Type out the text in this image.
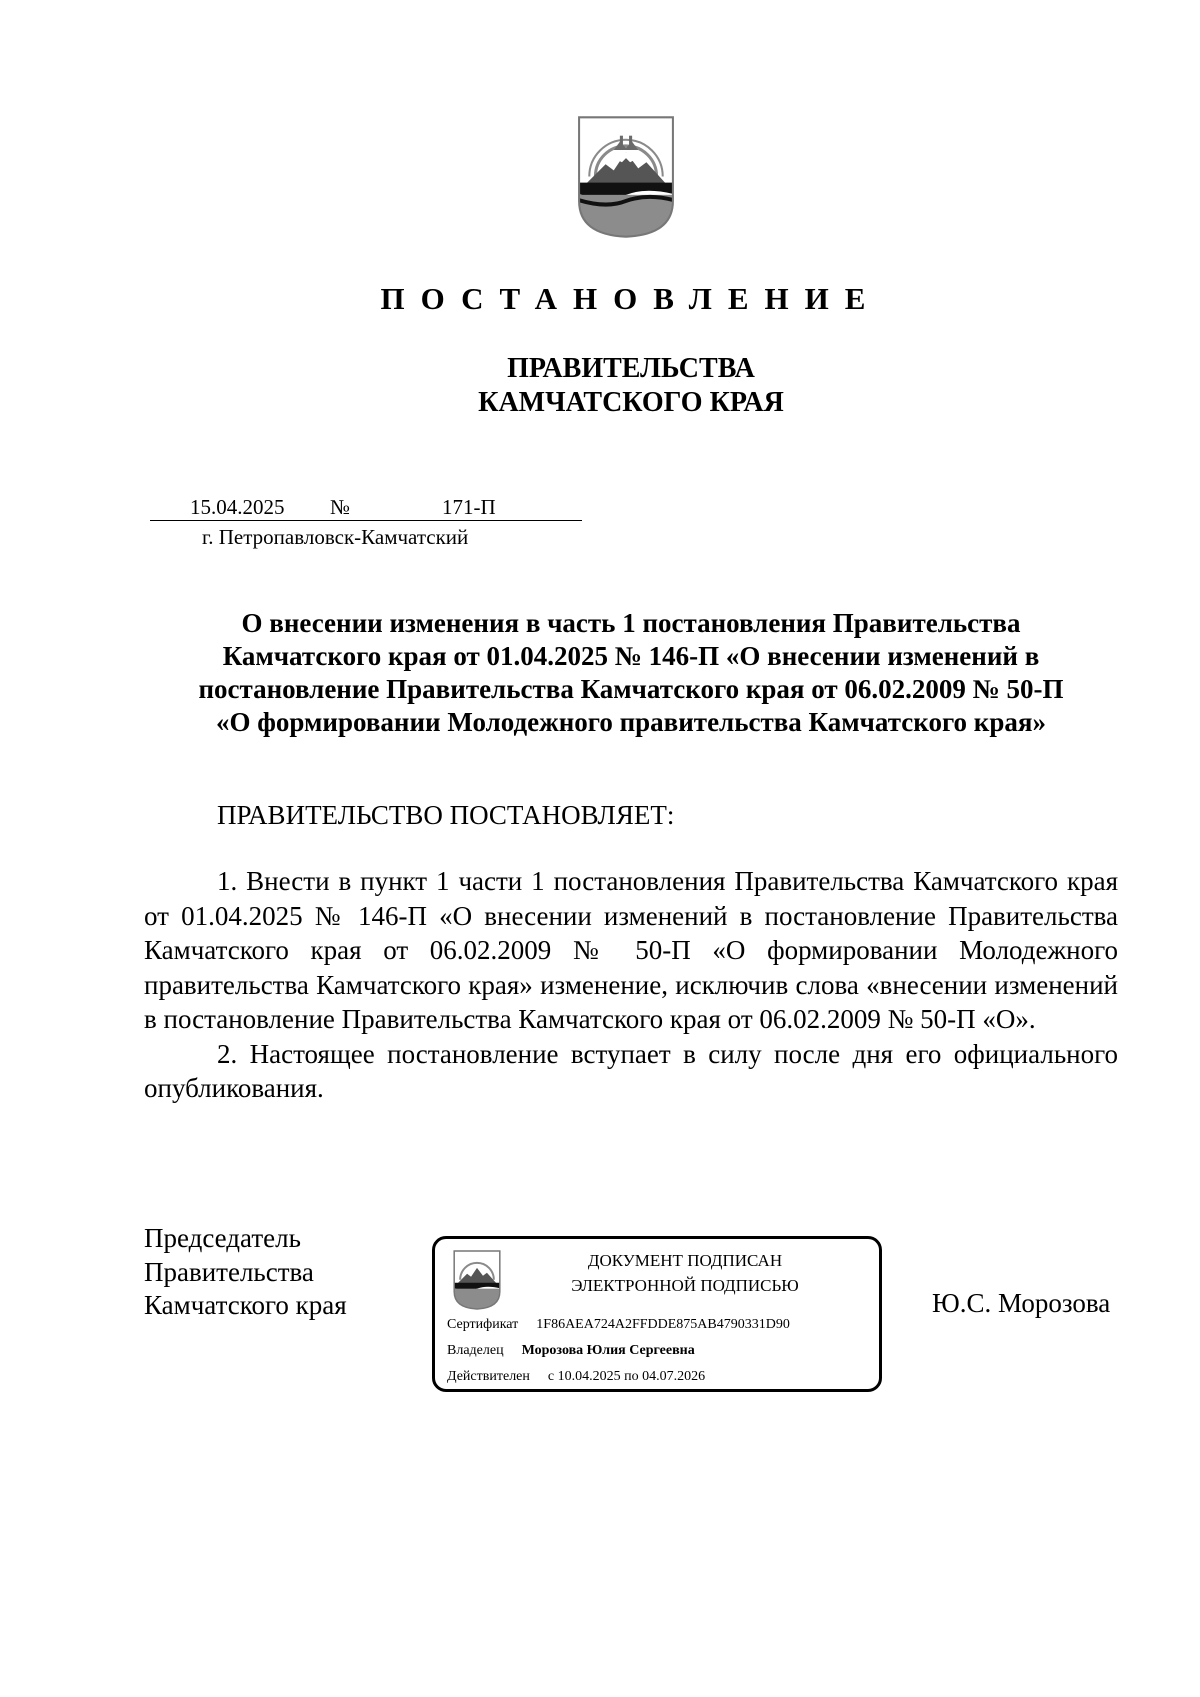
ПОСТАНОВЛЕНИЕ
ПРАВИТЕЛЬСТВА
КАМЧАТСКОГО КРАЯ
15.04.2025 №	171-П
г. Петропавловск-Камчатский
О внесении изменения в часть 1 постановления Правительства
Камчатского края от 01.04.2025 № 146-П «О внесении изменений в
постановление Правительства Камчатского края от 06.02.2009 № 50-П
«О формировании Молодежного правительства Камчатского края»
ПРАВИТЕЛЬСТВО ПОСТАНОВЛЯЕТ:

1. Внести в пункт 1 части 1 постановления Правительства Камчатского края от 01.04.2025 № 146-П «О внесении изменений в постановление Правительства Камчатского края от 06.02.2009 № 50-П «О формировании Молодежного правительства Камчатского края» изменение, исключив слова «внесении изменений в постановление Правительства Камчатского края от 06.02.2009 № 50-П «О».

2. Настоящее постановление вступает в силу после дня его официального опубликования.

Председатель
Правительства
Камчатского края
ДОКУМЕНТ ПОДПИСАН
ЭЛЕКТРОННОЙ ПОДПИСЬЮ
Сертификат 1F86AEA724A2FFDDE875AB4790331D90
Владелец Морозова Юлия Сергеевна
Действителен с 10.04.2025 по 04.07.2026
Ю.С. Морозова
